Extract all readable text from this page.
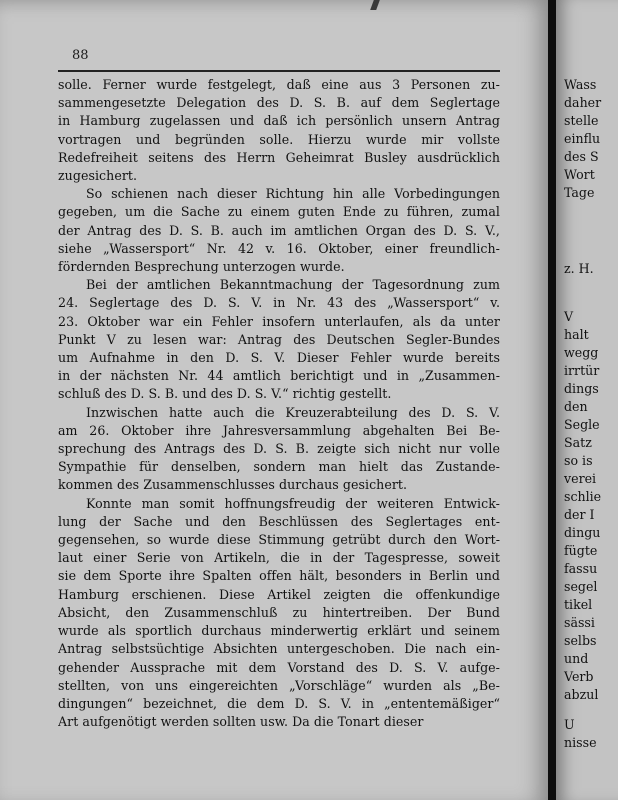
88

solle. Ferner wurde festgelegt, daß eine aus 3 Personen zu-
sammengesetzte Delegation des D. S. B. auf dem Seglertage
in Hamburg zugelassen und daß ich persönlich unsern Antrag
vortragen und begründen solle. Hierzu wurde mir vollste
Redefreiheit seitens des Herrn Geheimrat Busley ausdrücklich
zugesichert.

So schienen nach dieser Richtung hin alle Vorbedingungen
gegeben, um die Sache zu einem guten Ende zu führen, zumal
der Antrag des D. S. B. auch im amtlichen Organ des D. S. V.,
siehe „Wassersport“ Nr. 42 v. 16. Oktober, einer freundlich-
fördernden Besprechung unterzogen wurde.

Bei der amtlichen Bekanntmachung der Tagesordnung zum
24. Seglertage des D. S. V. in Nr. 43 des „Wassersport“ v.
23. Oktober war ein Fehler insofern unterlaufen, als da unter
Punkt V zu lesen war: Antrag des Deutschen Segler-Bundes
um Aufnahme in den D. S. V. Dieser Fehler wurde bereits
in der nächsten Nr. 44 amtlich berichtigt und in „Zusammen-
schluß des D. S. B. und des D. S. V.“ richtig gestellt.

Inzwischen hatte auch die Kreuzerabteilung des D. S. V.
am 26. Oktober ihre Jahresversammlung abgehalten Bei Be-
sprechung des Antrags des D. S. B. zeigte sich nicht nur volle
Sympathie für denselben, sondern man hielt das Zustande-
kommen des Zusammenschlusses durchaus gesichert.

Konnte man somit hoffnungsfreudig der weiteren Entwick-
lung der Sache und den Beschlüssen des Seglertages ent-
gegensehen, so wurde diese Stimmung getrübt durch den Wort-
laut einer Serie von Artikeln, die in der Tagespresse, soweit
sie dem Sporte ihre Spalten offen hält, besonders in Berlin und
Hamburg erschienen. Diese Artikel zeigten die offenkundige
Absicht, den Zusammenschluß zu hintertreiben. Der Bund
wurde als sportlich durchaus minderwertig erklärt und seinem
Antrag selbstsüchtige Absichten untergeschoben. Die nach ein-
gehender Aussprache mit dem Vorstand des D. S. V. aufge-
stellten, von uns eingereichten „Vorschläge“ wurden als „Be-
dingungen“ bezeichnet, die dem D. S. V. in „ententemäßiger“
Art aufgenötigt werden sollten usw. Da die Tonart dieser

Wass
daher
stelle
einflu
des S
Wort
Tage
z. H.
V
halt
wegg
irrtür
dings
den
Segle
Satz
so is
verei
schlie
der I
dingu
fügte
fassu
segel
tikel
sässi
selbs
und
Verb
abzul
U
nisse
